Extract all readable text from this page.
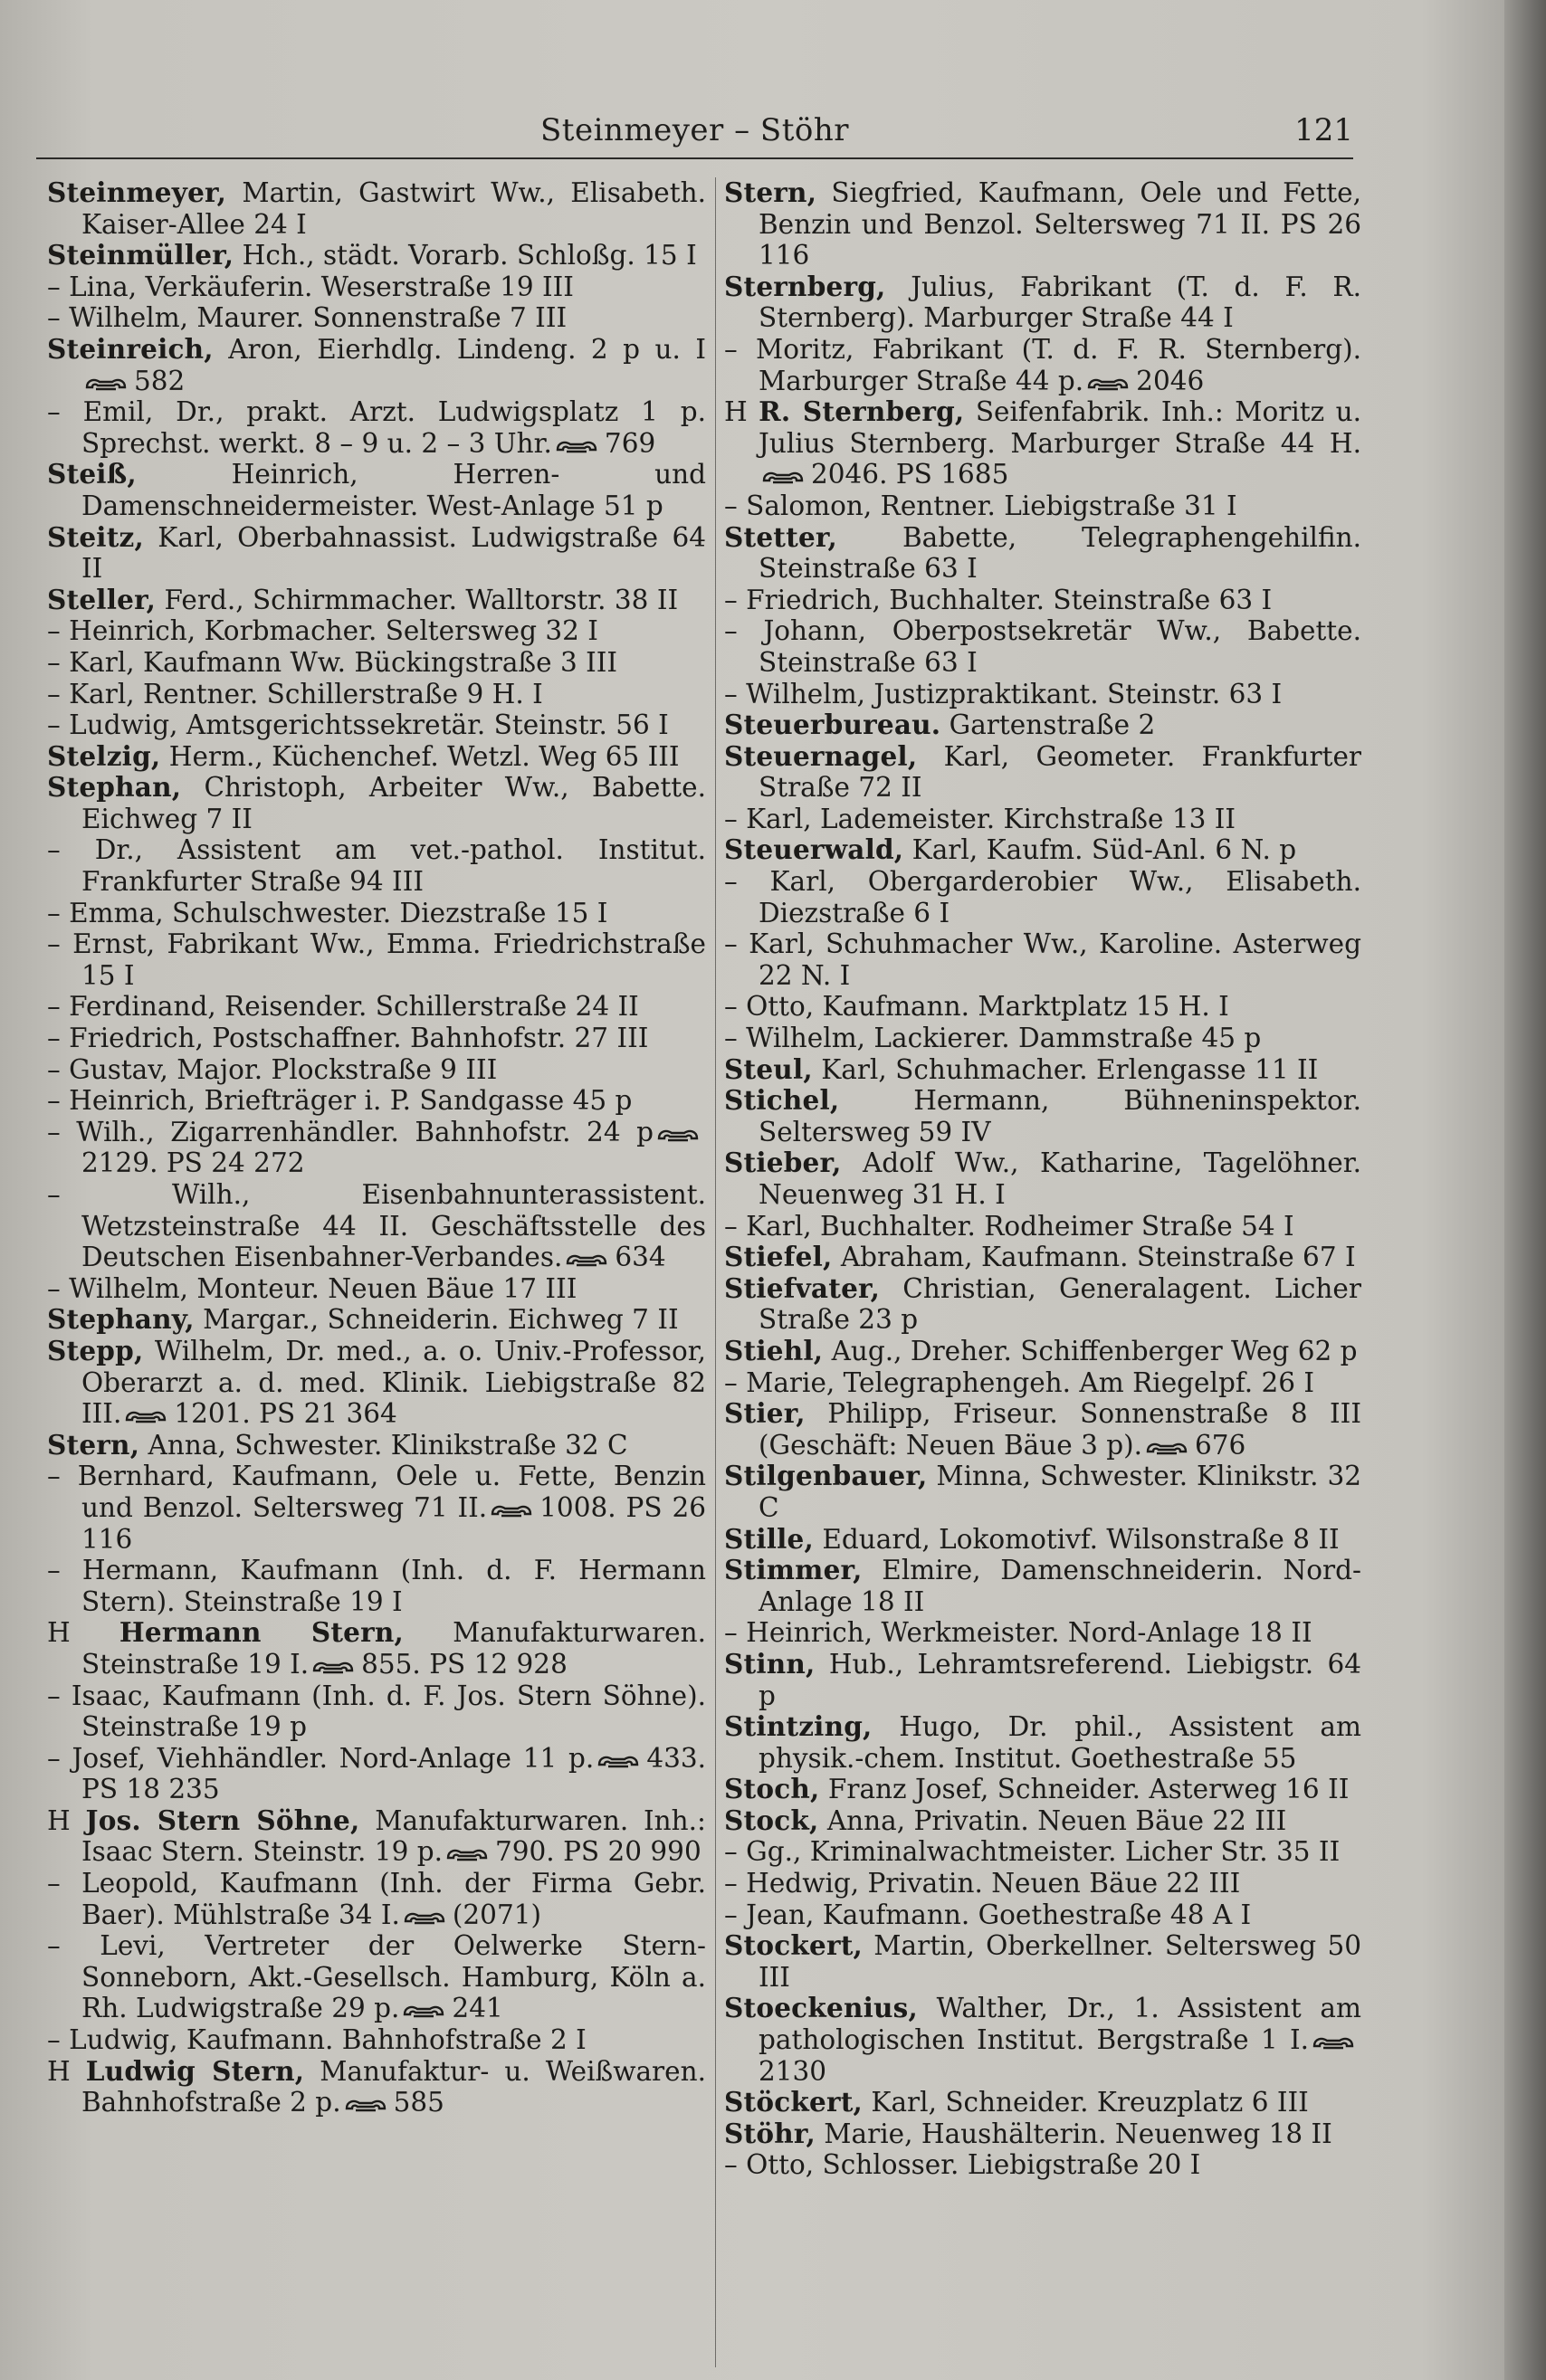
Steinmeyer – Stöhr	121

Steinmeyer, Martin, Gastwirt Ww., Elisabeth. Kaiser-Allee 24 I

Steinmüller, Hch., städt. Vorarb. Schloßg. 15 I

– Lina, Verkäuferin. Weserstraße 19 III

– Wilhelm, Maurer. Sonnenstraße 7 III

Steinreich, Aron, Eierhdlg. Lindeng. 2 p u. I582

– Emil, Dr., prakt. Arzt. Ludwigsplatz 1 p. Sprechst. werkt. 8 – 9 u. 2 – 3 Uhr. 769

Steiß, Heinrich, Herren- und Damenschneidermeister. West-Anlage 51 p

Steitz, Karl, Oberbahnassist. Ludwigstraße 64 II

Steller, Ferd., Schirmmacher. Walltorstr. 38 II

– Heinrich, Korbmacher. Seltersweg 32 I

– Karl, Kaufmann Ww. Bückingstraße 3 III

– Karl, Rentner. Schillerstraße 9 H. I

– Ludwig, Amtsgerichtssekretär. Steinstr. 56 I

Stelzig, Herm., Küchenchef. Wetzl. Weg 65 III

Stephan, Christoph, Arbeiter Ww., Babette. Eichweg 7 II

– Dr., Assistent am vet.-pathol. Institut. Frankfurter Straße 94 III

– Emma, Schulschwester. Diezstraße 15 I

– Ernst, Fabrikant Ww., Emma. Friedrichstraße 15 I

– Ferdinand, Reisender. Schillerstraße 24 II

– Friedrich, Postschaffner. Bahnhofstr. 27 III

– Gustav, Major. Plockstraße 9 III

– Heinrich, Briefträger i. P. Sandgasse 45 p

– Wilh., Zigarrenhändler. Bahnhofstr. 24 p2129. PS 24 272

– Wilh., Eisenbahnunterassistent. Wetzsteinstraße 44 II. Geschäftsstelle des Deutschen Eisenbahner-Verbandes. 634

– Wilhelm, Monteur. Neuen Bäue 17 III

Stephany, Margar., Schneiderin. Eichweg 7 II

Stepp, Wilhelm, Dr. med., a. o. Univ.-Professor, Oberarzt a. d. med. Klinik. Liebigstraße 82 III. 1201. PS 21 364

Stern, Anna, Schwester. Klinikstraße 32 C

– Bernhard, Kaufmann, Oele u. Fette, Benzin und Benzol. Seltersweg 71 II. 1008. PS 26 116

– Hermann, Kaufmann (Inh. d. F. Hermann Stern). Steinstraße 19 I

H Hermann Stern, Manufakturwaren. Steinstraße 19 I. 855. PS 12 928

– Isaac, Kaufmann (Inh. d. F. Jos. Stern Söhne). Steinstraße 19 p

– Josef, Viehhändler. Nord-Anlage 11 p. 433. PS 18 235

H Jos. Stern Söhne, Manufakturwaren. Inh.: Isaac Stern. Steinstr. 19 p. 790. PS 20 990

– Leopold, Kaufmann (Inh. der Firma Gebr. Baer). Mühlstraße 34 I. (2071)

– Levi, Vertreter der Oelwerke Stern-Sonneborn, Akt.-Gesellsch. Hamburg, Köln a. Rh. Ludwigstraße 29 p. 241

– Ludwig, Kaufmann. Bahnhofstraße 2 I

H Ludwig Stern, Manufaktur- u. Weißwaren. Bahnhofstraße 2 p. 585

Stern, Siegfried, Kaufmann, Oele und Fette, Benzin und Benzol. Seltersweg 71 II. PS 26 116

Sternberg, Julius, Fabrikant (T. d. F. R. Sternberg). Marburger Straße 44 I

– Moritz, Fabrikant (T. d. F. R. Sternberg). Marburger Straße 44 p. 2046

H R. Sternberg, Seifenfabrik. Inh.: Moritz u. Julius Sternberg. Marburger Straße 44 H.2046. PS 1685

– Salomon, Rentner. Liebigstraße 31 I

Stetter, Babette, Telegraphengehilfin. Steinstraße 63 I

– Friedrich, Buchhalter. Steinstraße 63 I

– Johann, Oberpostsekretär Ww., Babette. Steinstraße 63 I

– Wilhelm, Justizpraktikant. Steinstr. 63 I

Steuerbureau. Gartenstraße 2

Steuernagel, Karl, Geometer. Frankfurter Straße 72 II

– Karl, Lademeister. Kirchstraße 13 II

Steuerwald, Karl, Kaufm. Süd-Anl. 6 N. p

– Karl, Obergarderobier Ww., Elisabeth. Diezstraße 6 I

– Karl, Schuhmacher Ww., Karoline. Asterweg 22 N. I

– Otto, Kaufmann. Marktplatz 15 H. I

– Wilhelm, Lackierer. Dammstraße 45 p

Steul, Karl, Schuhmacher. Erlengasse 11 II

Stichel, Hermann, Bühneninspektor. Seltersweg 59 IV

Stieber, Adolf Ww., Katharine, Tagelöhner. Neuenweg 31 H. I

– Karl, Buchhalter. Rodheimer Straße 54 I

Stiefel, Abraham, Kaufmann. Steinstraße 67 I

Stiefvater, Christian, Generalagent. Licher Straße 23 p

Stiehl, Aug., Dreher. Schiffenberger Weg 62 p

– Marie, Telegraphengeh. Am Riegelpf. 26 I

Stier, Philipp, Friseur. Sonnenstraße 8 III (Geschäft: Neuen Bäue 3 p). 676

Stilgenbauer, Minna, Schwester. Klinikstr. 32 C

Stille, Eduard, Lokomotivf. Wilsonstraße 8 II

Stimmer, Elmire, Damenschneiderin. Nord-Anlage 18 II

– Heinrich, Werkmeister. Nord-Anlage 18 II

Stinn, Hub., Lehramtsreferend. Liebigstr. 64 p

Stintzing, Hugo, Dr. phil., Assistent am physik.-chem. Institut. Goethestraße 55

Stoch, Franz Josef, Schneider. Asterweg 16 II

Stock, Anna, Privatin. Neuen Bäue 22 III

– Gg., Kriminalwachtmeister. Licher Str. 35 II

– Hedwig, Privatin. Neuen Bäue 22 III

– Jean, Kaufmann. Goethestraße 48 A I

Stockert, Martin, Oberkellner. Seltersweg 50 III

Stoeckenius, Walther, Dr., 1. Assistent am pathologischen Institut. Bergstraße 1 I.2130

Stöckert, Karl, Schneider. Kreuzplatz 6 III

Stöhr, Marie, Haushälterin. Neuenweg 18 II

– Otto, Schlosser. Liebigstraße 20 I
